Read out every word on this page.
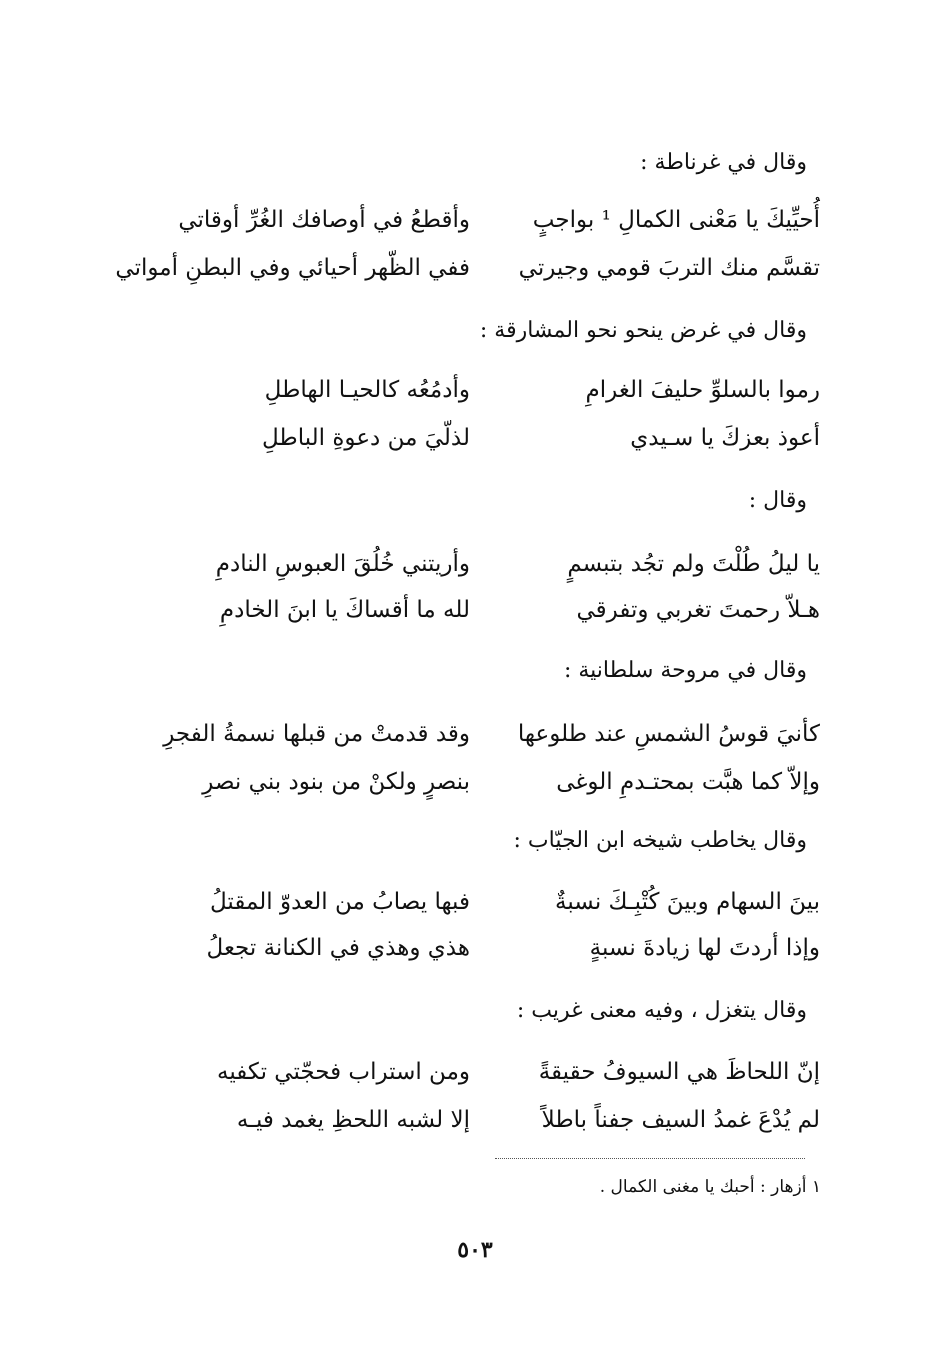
وقال في غرناطة :
أُحيِّيكَ يا مَعْنى الكمالِ ¹ بواجبٍ
وأقطعُ في أوصافك الغُرِّ أوقاتي
تقسَّم منك التربَ قومي وجيرتي
ففي الظّهر أحيائي وفي البطنِ أمواتي
وقال في غرض ينحو نحو المشارقة :
رموا بالسلوِّ حليفَ الغرامِ
وأدمُعُه كالحيـا الهاطلِ
أعوذ بعزكَ يا سـيدي
لذلّيَ من دعوةِ الباطلِ
وقال :
يا ليلُ طُلْتَ ولم تجُد بتبسمٍ
وأريتني خُلُقَ العبوسِ النادمِ
هـلاّ رحمتَ تغربي وتفرقي
لله ما أقساكَ يا ابنَ الخادمِ
وقال في مروحة سلطانية :
كأنيَ قوسُ الشمسِ عند طلوعها
وقد قدمتْ من قبلها نسمةُ الفجرِ
وإلاّ كما هبَّت بمحتـدمِ الوغى
بنصرٍ ولكنْ من بنود بني نصرِ
وقال يخاطب شيخه ابن الجيّاب :
بينَ السهام وبينَ كُتْبِـكَ نسبةٌ
فبها يصابُ من العدوّ المقتلُ
وإذا أردتَ لها زيادةَ نسبةٍ
هذي وهذي في الكنانة تجعلُ
وقال يتغزل ، وفيه معنى غريب :
إنّ اللحاظَ هي السيوفُ حقيقةً
ومن استراب فحجّتي تكفيه
لم يُدْعَ غمدُ السيف جفناً باطلاً
إلا لشبه اللحظِ يغمد فيـه
١ أزهار : أحبك يا مغنى الكمال .
٥٠٣
